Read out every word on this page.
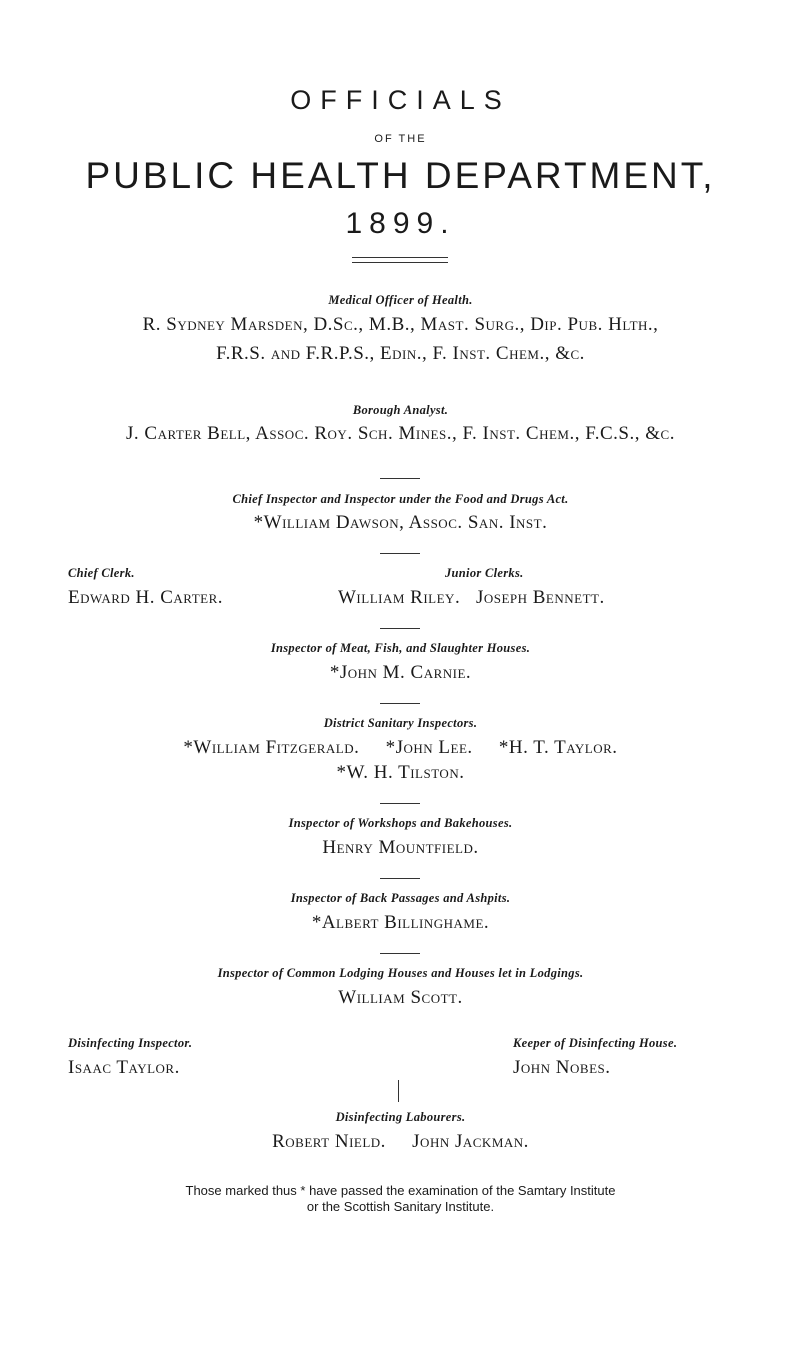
OFFICIALS
OF THE
PUBLIC HEALTH DEPARTMENT,
1899.
Medical Officer of Health.
R. Sydney Marsden, D.Sc., M.B., Mast. Surg., Dip. Pub. Hlth.,
F.R.S. and F.R.P.S., Edin., F. Inst. Chem., &c.
Borough Analyst.
J. Carter Bell, Assoc. Roy. Sch. Mines., F. Inst. Chem., F.C.S., &c.
Chief Inspector and Inspector under the Food and Drugs Act.
*William Dawson, Assoc. San. Inst.
Chief Clerk.
Edward H. Carter.
Junior Clerks.
William Riley.   Joseph Bennett.
Inspector of Meat, Fish, and Slaughter Houses.
*John M. Carnie.
District Sanitary Inspectors.
*William Fitzgerald.     *John Lee.     *H. T. Taylor.
*W. H. Tilston.
Inspector of Workshops and Bakehouses.
Henry Mountfield.
Inspector of Back Passages and Ashpits.
*Albert Billinghame.
Inspector of Common Lodging Houses and Houses let in Lodgings.
William Scott.
Disinfecting Inspector.
Isaac Taylor.
Keeper of Disinfecting House.
John Nobes.
Disinfecting Labourers.
Robert Nield.     John Jackman.
Those marked thus * have passed the examination of the Samtary Institute
or the Scottish Sanitary Institute.
